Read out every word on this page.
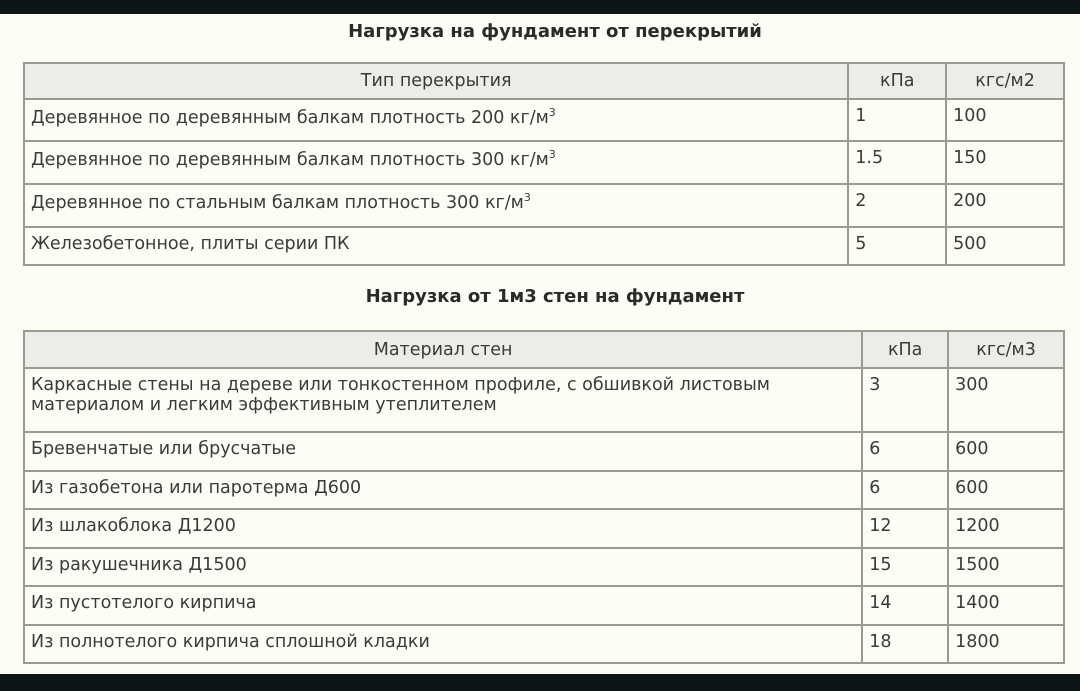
Нагрузка на фундамент от перекрытий
Тип перекрытия	кПа	кгс/м2
Деревянное по деревянным балкам плотность 200 $кг/м^3$	1	100
Деревянное по деревянным балкам плотность 300 $кг/м^3$	1.5	150
Деревянное по стальным балкам плотность 300 $кг/м^3$	2	200
Железобетонное, плиты серии ПК	5	500
Нагрузка от 1м3 стен на фундамент
Материал стен	кПа	кгс/м3
Каркасные стены на дереве или тонкостенном профиле, с обшивкой листовым материалом и легким эффективным утеплителем	3	300
Бревенчатые или брусчатые	6	600
Из газобетона или паротерма Д600	6	600
Из шлакоблока Д1200	12	1200
Из ракушечника Д1500	15	1500
Из пустотелого кирпича	14	1400
Из полнотелого кирпича сплошной кладки	18	1800
